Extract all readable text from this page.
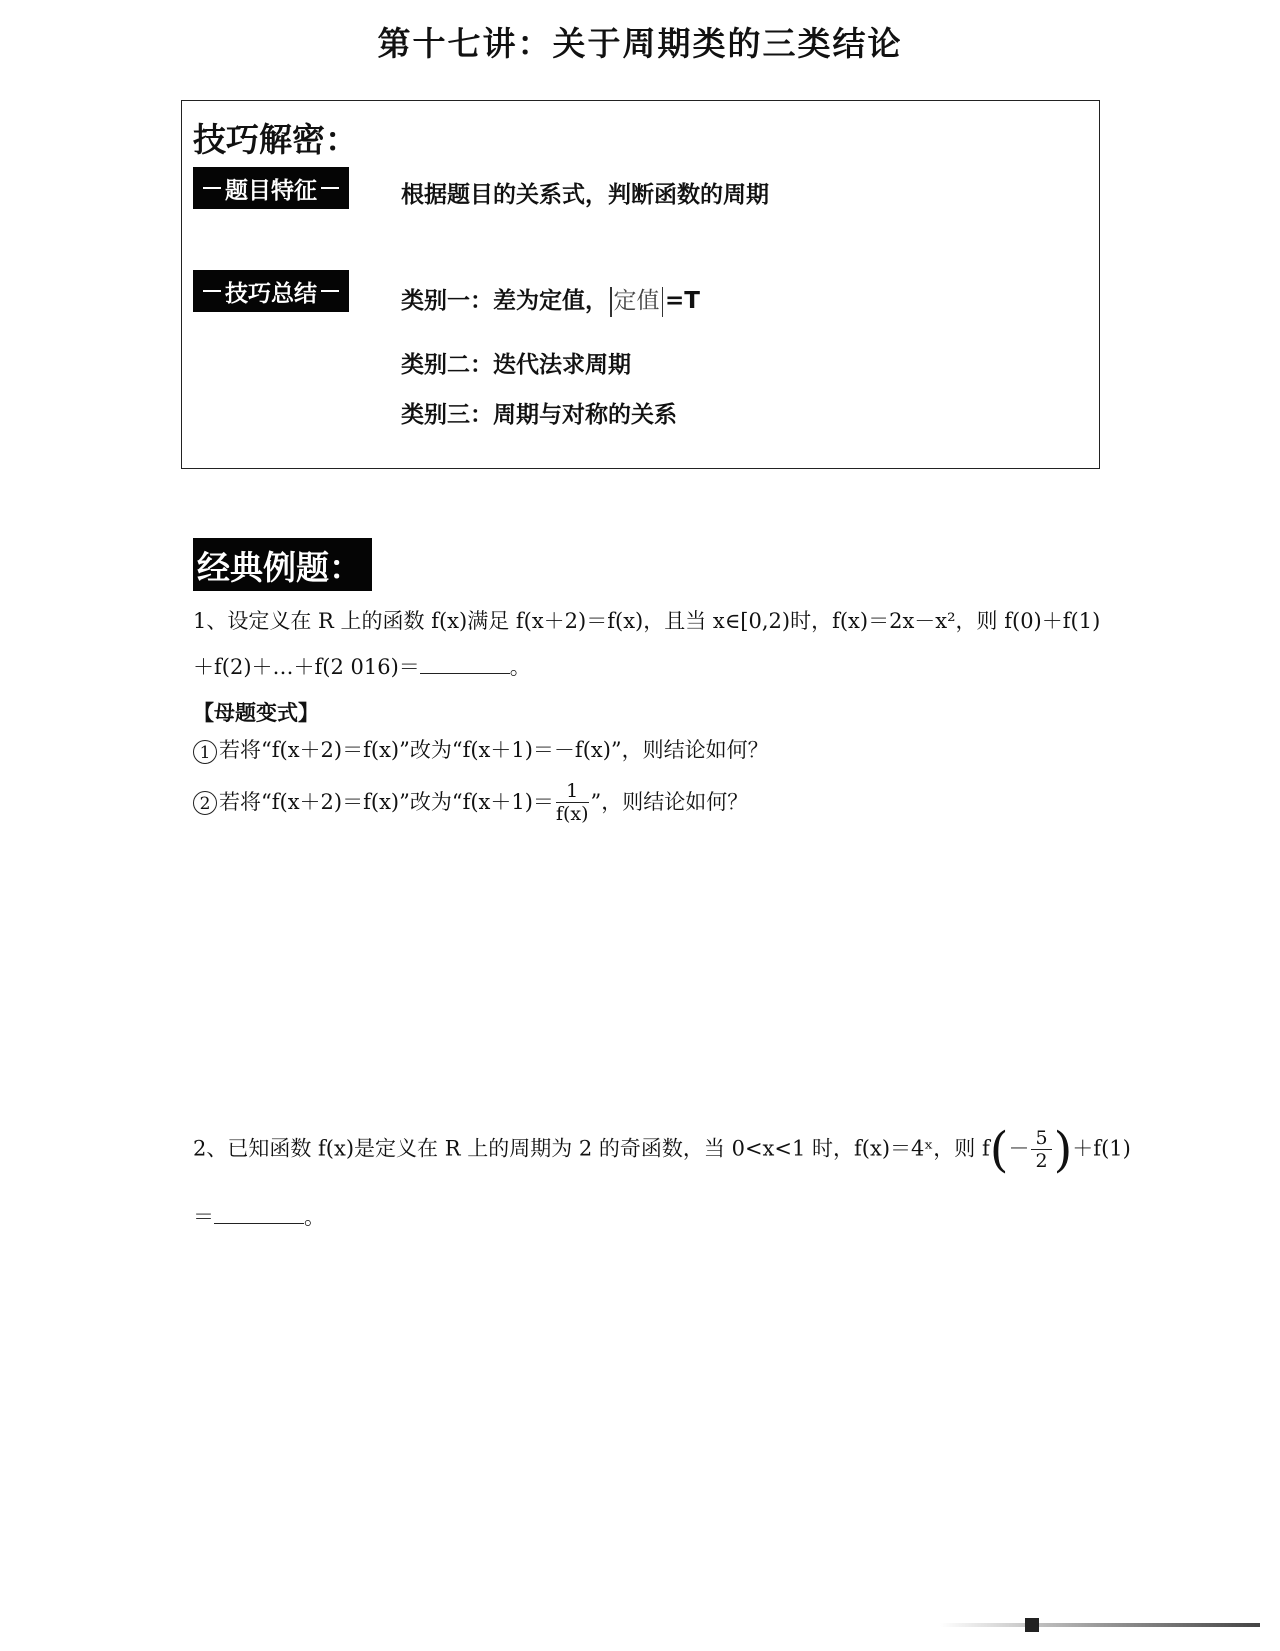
第十七讲：关于周期类的三类结论
技巧解密：
题目特征	根据题目的关系式，判断函数的周期
技巧总结	类别一：差为定值， 定值 =T
类别二：迭代法求周期
类别三：周期与对称的关系
经典例题：
1、设定义在 R 上的函数 f(x)满足 f(x＋2)＝f(x)，且当 x∈[0,2)时，f(x)＝2x－x²，则 f(0)＋f(1)
＋f(2)＋…＋f(2 016)＝	。
【母题变式】
1 若将“f(x＋2)＝f(x)”改为“f(x＋1)＝－f(x)”，则结论如何？
2 若将“f(x＋2)＝f(x)”改为“$f(x+1)= \frac{1}{f(x)}$ ”，则结论如何？
2、已知函数 f(x)是定义在 R 上的周期为 2 的奇函数，当 0<x<1 时，f(x)＝4ˣ，则 $f(- \frac{5}{2} )+f(1)$
＝	。
